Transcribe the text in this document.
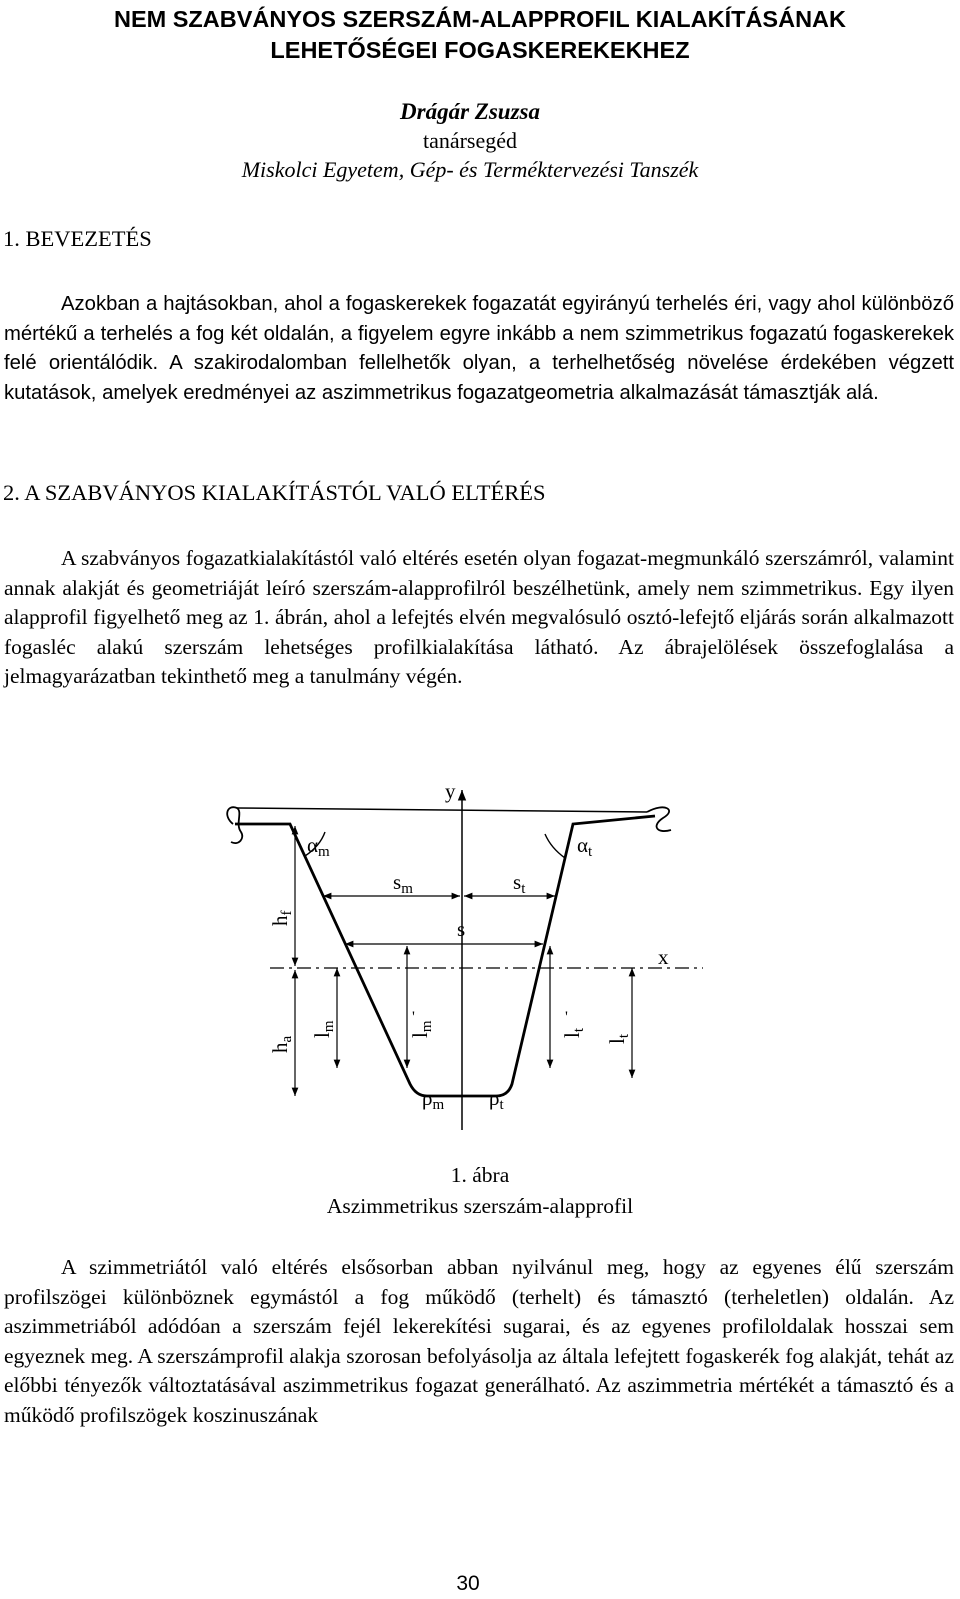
NEM SZABVÁNYOS SZERSZÁM-ALAPPROFIL KIALAKÍTÁSÁNAK
LEHETŐSÉGEI FOGASKEREKEKHEZ
Drágár Zsuzsa
tanársegéd
Miskolci Egyetem, Gép- és Terméktervezési Tanszék
1. BEVEZETÉS
Azokban a hajtásokban, ahol a fogaskerekek fogazatát egyirányú terhelés éri, vagy ahol különböző mértékű a terhelés a fog két oldalán, a figyelem egyre inkább a nem szimmetrikus fogazatú fogaskerekek felé orientálódik. A szakirodalomban fellelhetők olyan, a terhelhetőség növelése érdekében végzett kutatások, amelyek eredményei az aszimmetrikus fogazatgeometria alkalmazását támasztják alá.
2. A SZABVÁNYOS KIALAKÍTÁSTÓL VALÓ ELTÉRÉS
A szabványos fogazatkialakítástól való eltérés esetén olyan fogazat-megmunkáló szerszámról, valamint annak alakját és geometriáját leíró szerszám-alapprofilról beszélhetünk, amely nem szimmetrikus. Egy ilyen alapprofil figyelhető meg az 1. ábrán, ahol a lefejtés elvén megvalósuló osztó-lefejtő eljárás során alkalmazott fogasléc alakú szerszám lehetséges profilkialakítása látható. Az ábrajelölések összefoglalása a jelmagyarázatban tekinthető meg a tanulmány végén.
y
x
αm	αt
sm	st
s
hf
ha
lm
lm
'
lt
'
lt
ρm ρt
1. ábra
Aszimmetrikus szerszám-alapprofil
A szimmetriától való eltérés elsősorban abban nyilvánul meg, hogy az egyenes élű szerszám profilszögei különböznek egymástól a fog működő (terhelt) és támasztó (terheletlen) oldalán. Az aszimmetriából adódóan a szerszám fejél lekerekítési sugarai, és az egyenes profiloldalak hosszai sem egyeznek meg. A szerszámprofil alakja szorosan befolyásolja az általa lefejtett fogaskerék fog alakját, tehát az előbbi tényezők változtatásával aszimmetrikus fogazat generálható. Az aszimmetria mértékét a támasztó és a működő profilszögek koszinuszának
30
